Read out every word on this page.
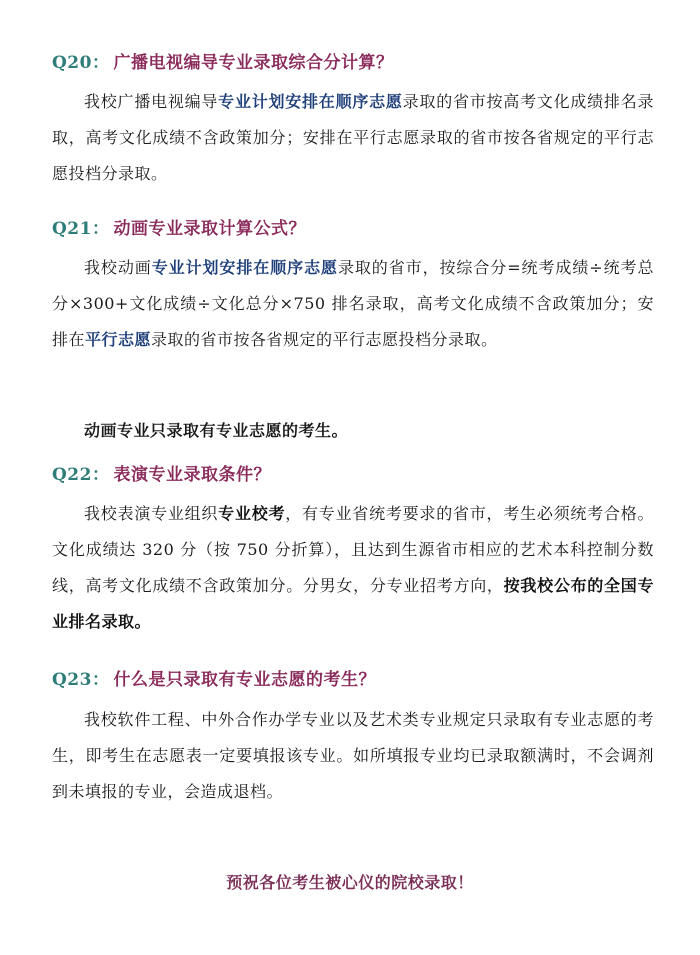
Q20： 广播电视编导专业录取综合分计算？
我校广播电视编导专业计划安排在顺序志愿录取的省市按高考文化成绩排名录取，高考文化成绩不含政策加分；安排在平行志愿录取的省市按各省规定的平行志愿投档分录取。
Q21： 动画专业录取计算公式？
我校动画专业计划安排在顺序志愿录取的省市，按综合分=统考成绩÷统考总分×300+文化成绩÷文化总分×750 排名录取，高考文化成绩不含政策加分；安排在平行志愿录取的省市按各省规定的平行志愿投档分录取。
动画专业只录取有专业志愿的考生。
Q22： 表演专业录取条件？
我校表演专业组织专业校考，有专业省统考要求的省市，考生必须统考合格。文化成绩达 320 分（按 750 分折算），且达到生源省市相应的艺术本科控制分数线，高考文化成绩不含政策加分。分男女，分专业招考方向，按我校公布的全国专业排名录取。
Q23： 什么是只录取有专业志愿的考生？
我校软件工程、中外合作办学专业以及艺术类专业规定只录取有专业志愿的考生，即考生在志愿表一定要填报该专业。如所填报专业均已录取额满时，不会调剂到未填报的专业，会造成退档。
预祝各位考生被心仪的院校录取！
